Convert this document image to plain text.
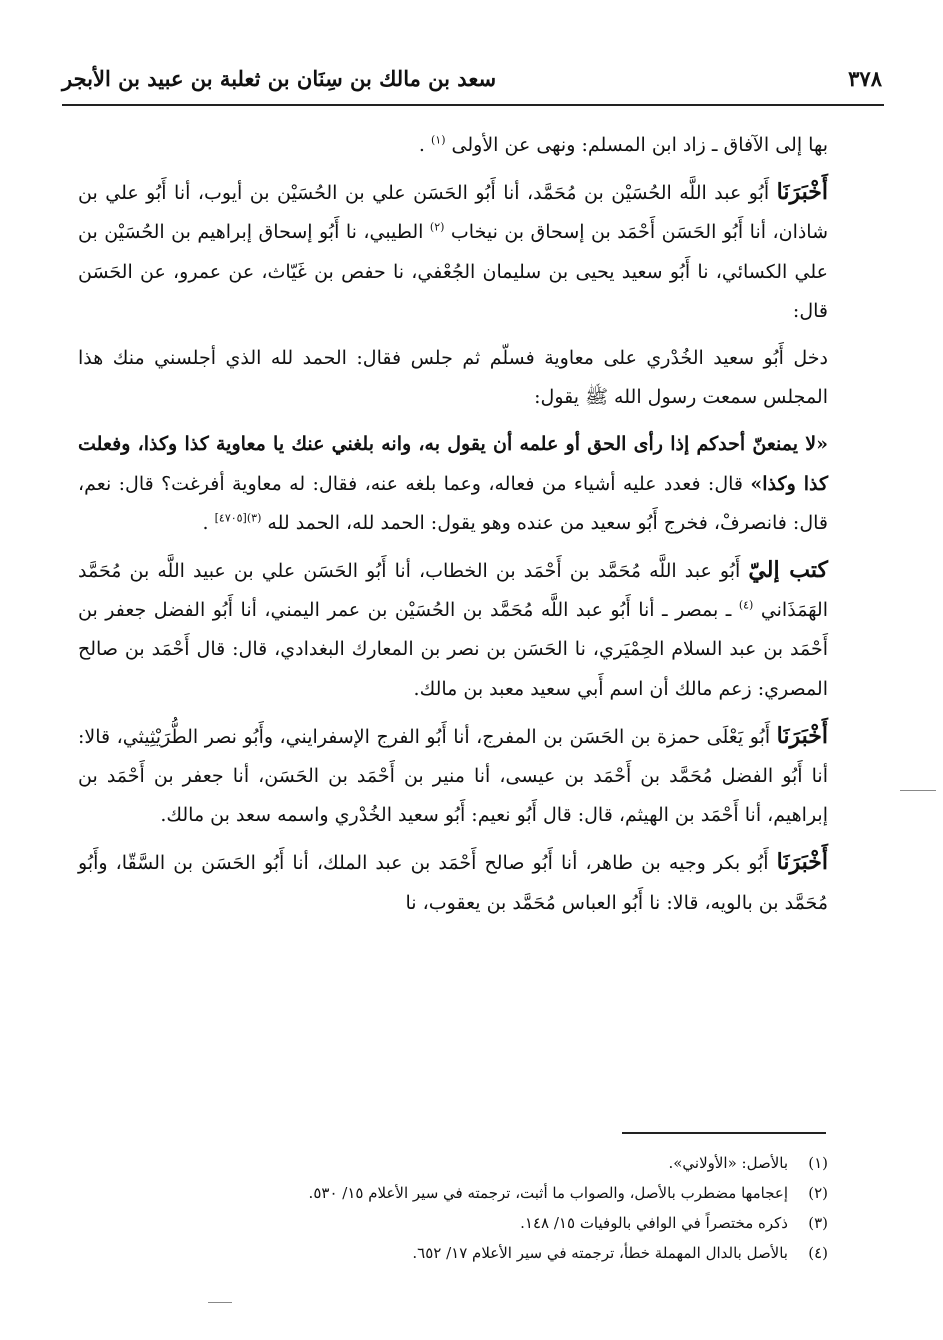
٣٧٨
سعد بن مالك بن سِنَان بن ثعلبة بن عبيد بن الأبجر

بها إلى الآفاق ـ زاد ابن المسلم: ونهى عن الأولى $^{(١)}$ .

أَخْبَرَنَا أَبُو عبد اللَّه الحُسَيْن بن مُحَمَّد، أنا أَبُو الحَسَن علي بن الحُسَيْن بن أيوب، أنا أَبُو علي بن شاذان، أنا أَبُو الحَسَن أَحْمَد بن إسحاق بن نيخاب $^{(٢)}$ الطيبي، نا أَبُو إسحاق إبراهيم بن الحُسَيْن بن علي الكسائي، نا أَبُو سعيد يحيى بن سليمان الجُعْفي، نا حفص بن غَيّاث، عن عمرو، عن الحَسَن قال:

دخل أَبُو سعيد الخُدْري على معاوية فسلّم ثم جلس فقال: الحمد لله الذي أجلسني منك هذا المجلس سمعت رسول الله ﷺ يقول:

«لا يمنعنّ أحدكم إذا رأى الحق أو علمه أن يقول به، وانه بلغني عنك يا معاوية كذا وكذا، وفعلت كذا وكذا» قال: فعدد عليه أشياء من فعاله، وعما بلغه عنه، فقال: له معاوية أفرغت؟ قال: نعم، قال: فانصرفْ، فخرج أَبُو سعيد من عنده وهو يقول: الحمد لله، الحمد لله $^{(٣)[٤٧٠٥]}$ .

كتب إليّ أَبُو عبد اللَّه مُحَمَّد بن أَحْمَد بن الخطاب، أنا أَبُو الحَسَن علي بن عبيد اللَّه بن مُحَمَّد الهَمَذَاني $^{(٤)}$ ـ بمصر ـ أنا أَبُو عبد اللَّه مُحَمَّد بن الحُسَيْن بن عمر اليمني، أنا أَبُو الفضل جعفر بن أَحْمَد بن عبد السلام الحِمْيَري، نا الحَسَن بن نصر بن المعارك البغدادي، قال: قال أَحْمَد بن صالح المصري: زعم مالك أن اسم أَبي سعيد معبد بن مالك.

أَخْبَرَنَا أَبُو يَعْلَى حمزة بن الحَسَن بن المفرج، أنا أَبُو الفرج الإسفرايني، وأَبُو نصر الطُّرَيْثِيثي، قالا: أنا أَبُو الفضل مُحَمَّد بن أَحْمَد بن عيسى، أنا منير بن أَحْمَد بن الحَسَن، أنا جعفر بن أَحْمَد بن إبراهيم، أنا أَحْمَد بن الهيثم، قال: قال أَبُو نعيم: أَبُو سعيد الخُدْري واسمه سعد بن مالك.

أَخْبَرَنَا أَبُو بكر وجيه بن طاهر، أنا أَبُو صالح أَحْمَد بن عبد الملك، أنا أَبُو الحَسَن بن السَّقّا، وأَبُو مُحَمَّد بن بالويه، قالا: نا أَبُو العباس مُحَمَّد بن يعقوب، نا

(١)
بالأصل: «الأولاني».
(٢)
إعجامها مضطرب بالأصل، والصواب ما أثبت، ترجمته في سير الأعلام ١٥/ ٥٣٠.
(٣)
ذكره مختصراً في الوافي بالوفيات ١٥/ ١٤٨.
(٤)
بالأصل بالدال المهملة خطأ، ترجمته في سير الأعلام ١٧/ ٦٥٢.
